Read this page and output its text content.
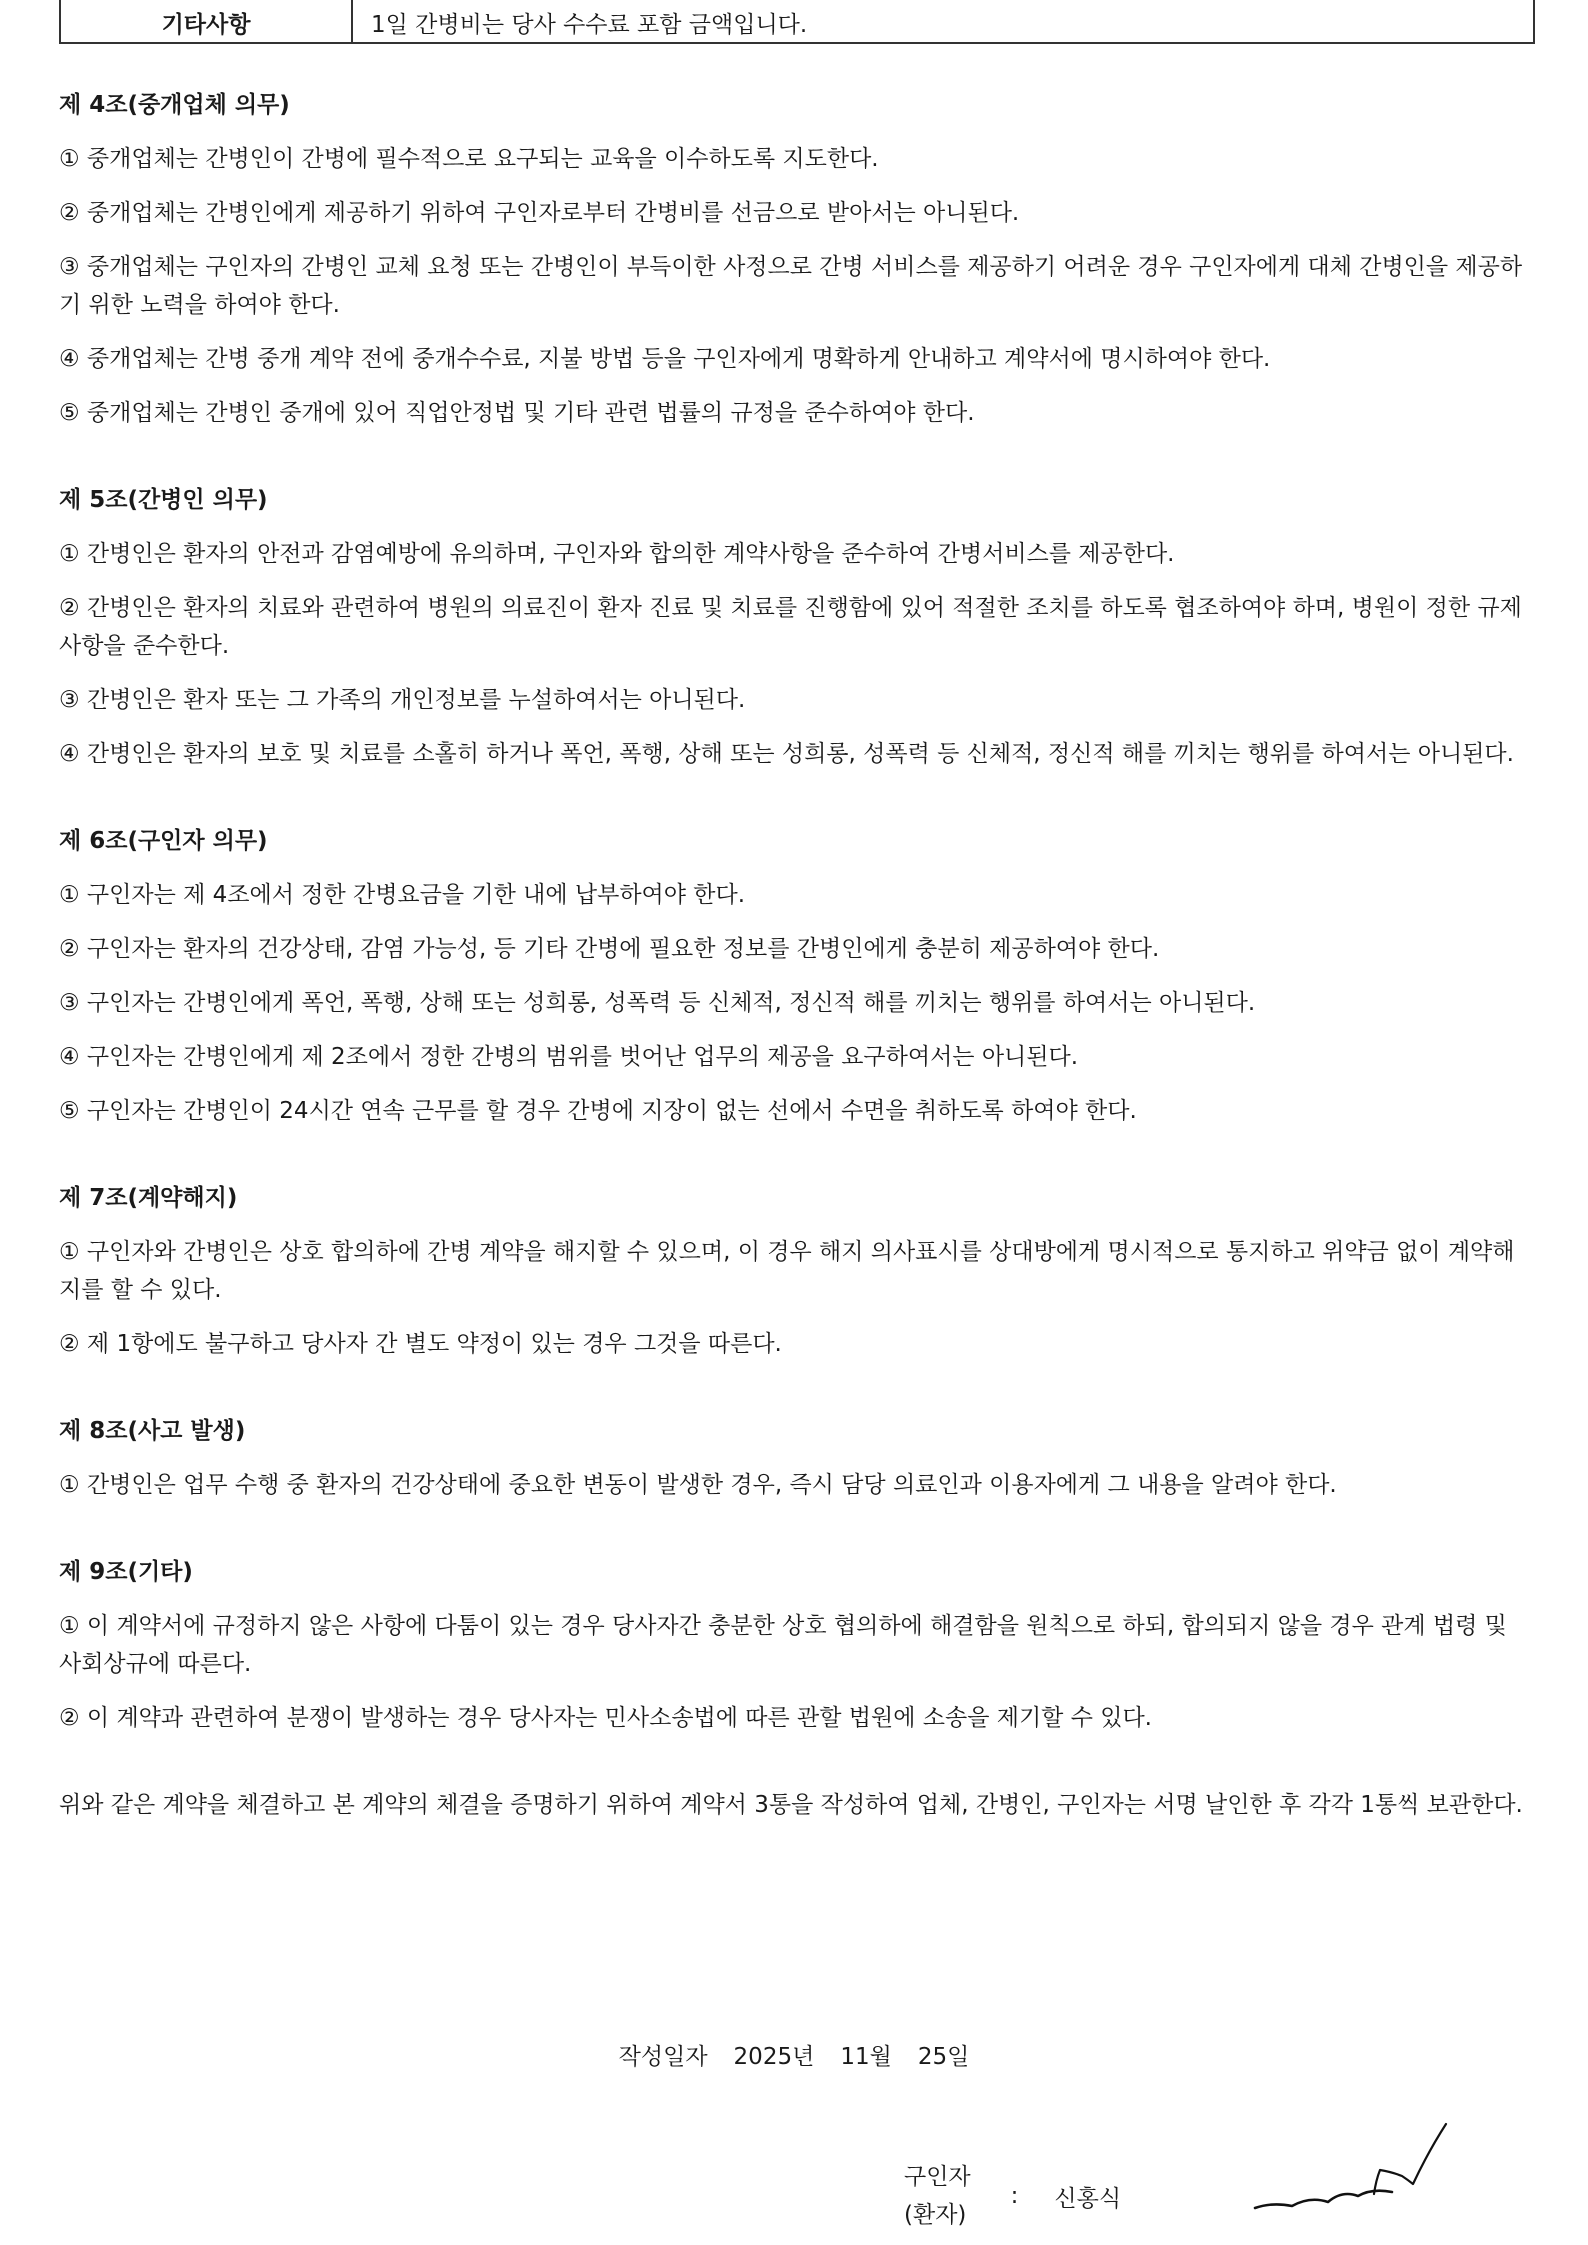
기타사항	1일 간병비는 당사 수수료 포함 금액입니다.
제 4조(중개업체 의무)
① 중개업체는 간병인이 간병에 필수적으로 요구되는 교육을 이수하도록 지도한다.
② 중개업체는 간병인에게 제공하기 위하여 구인자로부터 간병비를 선금으로 받아서는 아니된다.
③ 중개업체는 구인자의 간병인 교체 요청 또는 간병인이 부득이한 사정으로 간병 서비스를 제공하기 어려운 경우 구인자에게 대체 간병인을 제공하기 위한 노력을 하여야 한다.
④ 중개업체는 간병 중개 계약 전에 중개수수료, 지불 방법 등을 구인자에게 명확하게 안내하고 계약서에 명시하여야 한다.
⑤ 중개업체는 간병인 중개에 있어 직업안정법 및 기타 관련 법률의 규정을 준수하여야 한다.
제 5조(간병인 의무)
① 간병인은 환자의 안전과 감염예방에 유의하며, 구인자와 합의한 계약사항을 준수하여 간병서비스를 제공한다.
② 간병인은 환자의 치료와 관련하여 병원의 의료진이 환자 진료 및 치료를 진행함에 있어 적절한 조치를 하도록 협조하여야 하며, 병원이 정한 규제사항을 준수한다.
③ 간병인은 환자 또는 그 가족의 개인정보를 누설하여서는 아니된다.
④ 간병인은 환자의 보호 및 치료를 소홀히 하거나 폭언, 폭행, 상해 또는 성희롱, 성폭력 등 신체적, 정신적 해를 끼치는 행위를 하여서는 아니된다.
제 6조(구인자 의무)
① 구인자는 제 4조에서 정한 간병요금을 기한 내에 납부하여야 한다.
② 구인자는 환자의 건강상태, 감염 가능성, 등 기타 간병에 필요한 정보를 간병인에게 충분히 제공하여야 한다.
③ 구인자는 간병인에게 폭언, 폭행, 상해 또는 성희롱, 성폭력 등 신체적, 정신적 해를 끼치는 행위를 하여서는 아니된다.
④ 구인자는 간병인에게 제 2조에서 정한 간병의 범위를 벗어난 업무의 제공을 요구하여서는 아니된다.
⑤ 구인자는 간병인이 24시간 연속 근무를 할 경우 간병에 지장이 없는 선에서 수면을 취하도록 하여야 한다.
제 7조(계약해지)
① 구인자와 간병인은 상호 합의하에 간병 계약을 해지할 수 있으며, 이 경우 해지 의사표시를 상대방에게 명시적으로 통지하고 위약금 없이 계약해지를 할 수 있다.
② 제 1항에도 불구하고 당사자 간 별도 약정이 있는 경우 그것을 따른다.
제 8조(사고 발생)
① 간병인은 업무 수행 중 환자의 건강상태에 중요한 변동이 발생한 경우, 즉시 담당 의료인과 이용자에게 그 내용을 알려야 한다.
제 9조(기타)
① 이 계약서에 규정하지 않은 사항에 다툼이 있는 경우 당사자간 충분한 상호 협의하에 해결함을 원칙으로 하되, 합의되지 않을 경우 관계 법령 및 사회상규에 따른다.
② 이 계약과 관련하여 분쟁이 발생하는 경우 당사자는 민사소송법에 따른 관할 법원에 소송을 제기할 수 있다.
위와 같은 계약을 체결하고 본 계약의 체결을 증명하기 위하여 계약서 3통을 작성하여 업체, 간병인, 구인자는 서명 날인한 후 각각 1통씩 보관한다.
작성일자 2025년 11월 25일
구인자
(환자)
: 신홍식
